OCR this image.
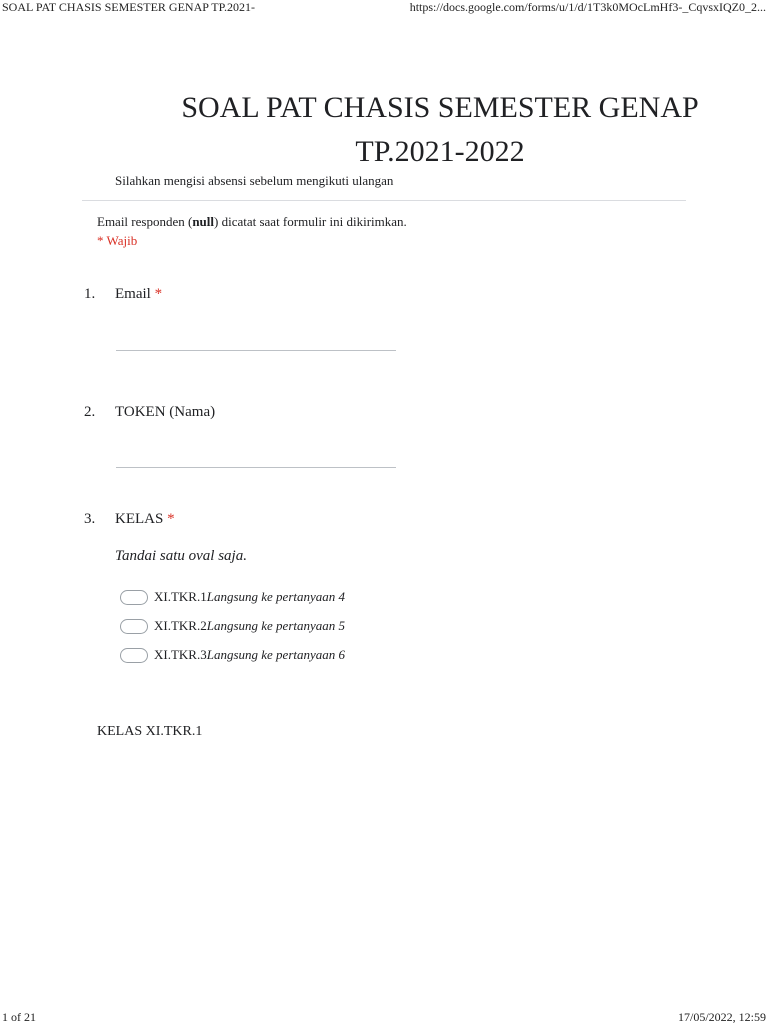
SOAL PAT CHASIS SEMESTER GENAP TP.2021-	https://docs.google.com/forms/u/1/d/1T3k0MOcLmHf3-_CqvsxIQZ0_2...
SOAL PAT CHASIS SEMESTER GENAP
TP.2021-2022
Silahkan mengisi absensi sebelum mengikuti ulangan
Email responden (null) dicatat saat formulir ini dikirimkan.
* Wajib
1. Email *
2. TOKEN (Nama)
3. KELAS *
Tandai satu oval saja.
XI.TKR.1 Langsung ke pertanyaan 4
XI.TKR.2 Langsung ke pertanyaan 5
XI.TKR.3 Langsung ke pertanyaan 6
KELAS XI.TKR.1
1 of 21	17/05/2022, 12:59
